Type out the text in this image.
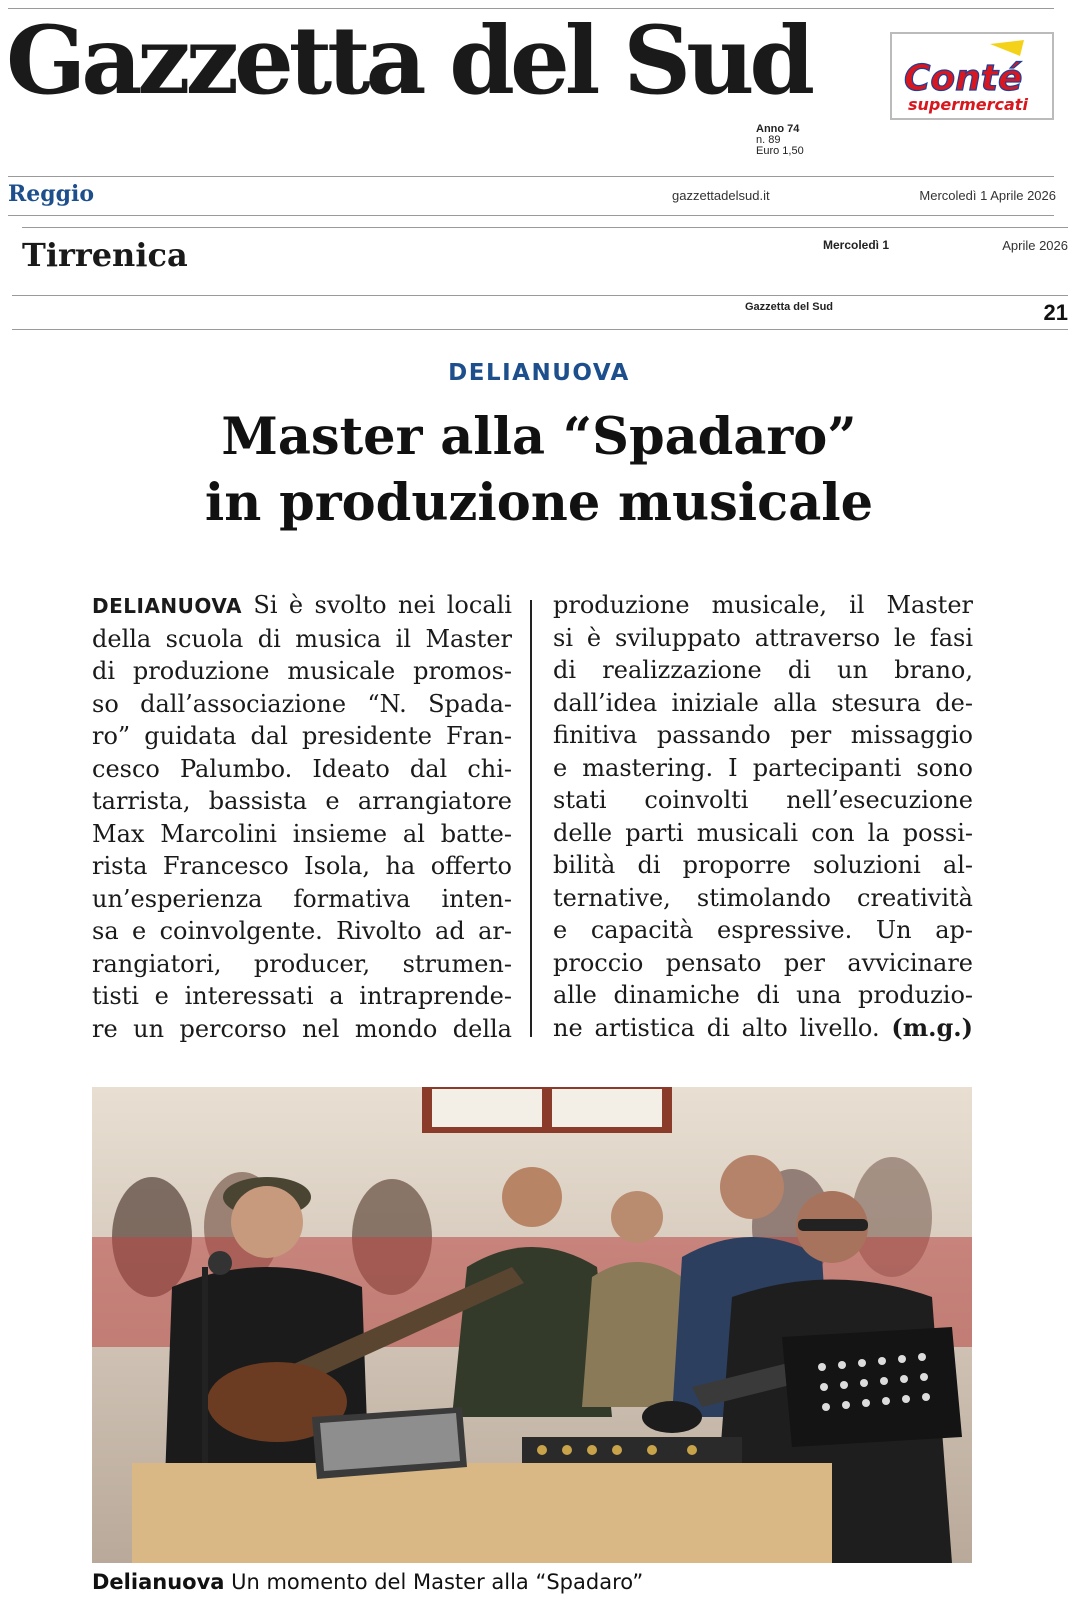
Gazzetta del Sud
Anno 74
n. 89
Euro 1,50
Conté
supermercati
Reggio	gazzettadelsud.it	Mercoledì 1 Aprile 2026
Tirrenica	Mercoledì 1	Aprile 2026
Gazzetta del Sud	21
DELIANUOVA
Master alla “Spadaro”
in produzione musicale
DELIANUOVA Si è svolto nei locali
della scuola di musica il Master
di produzione musicale promos-
so dall’associazione “N. Spada-
ro” guidata dal presidente Fran-
cesco Palumbo. Ideato dal chi-
tarrista, bassista e arrangiatore
Max Marcolini insieme al batte-
rista Francesco Isola, ha offerto
un’esperienza formativa inten-
sa e coinvolgente. Rivolto ad ar-
rangiatori, producer, strumen-
tisti e interessati a intraprende-
re un percorso nel mondo della
produzione musicale, il Master
si è sviluppato attraverso le fasi
di realizzazione di un brano,
dall’idea iniziale alla stesura de-
finitiva passando per missaggio
e mastering. I partecipanti sono
stati coinvolti nell’esecuzione
delle parti musicali con la possi-
bilità di proporre soluzioni al-
ternative, stimolando creatività
e capacità espressive. Un ap-
proccio pensato per avvicinare
alle dinamiche di una produzio-
ne artistica di alto livello. (m.g.)
Delianuova Un momento del Master alla “Spadaro”
